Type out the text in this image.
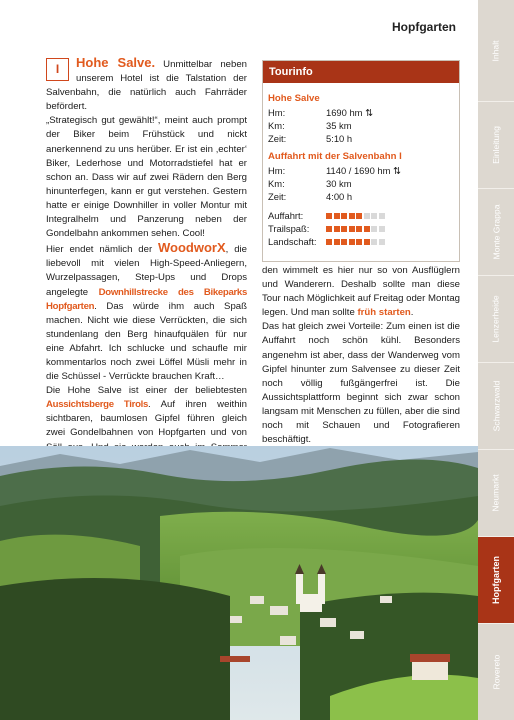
Hopfgarten

I	Hohe Salve. Unmittelbar neben unserem Hotel ist die Talstation der Salvenbahn, die natürlich auch Fahrräder befördert.

„Strategisch gut gewählt!“, meint auch prompt der Biker beim Frühstück und nickt anerkennend zu uns herüber. Er ist ein ‚echter‘ Biker, Lederhose und Motorradstiefel hat er schon an. Dass wir auf zwei Rädern den Berg hinunterfegen, kann er gut verstehen. Gestern hatte er einige Downhiller in voller Montur mit Integralhelm und Panzerung neben der Gondelbahn ankommen sehen. Cool!

Hier endet nämlich der WoodworX, die liebevoll mit vielen High-Speed-Anliegern, Wurzelpassagen, Step-Ups und Drops angelegte Downhillstrecke des Bikeparks Hopfgarten. Das würde ihm auch Spaß machen. Nicht wie diese Verrückten, die sich stundenlang den Berg hinaufquälen für nur eine Abfahrt. Ich schlucke und schaufle mir kommentarlos noch zwei Löffel Müsli mehr in die Schüssel - Verrückte brauchen Kraft…

Die Hohe Salve ist einer der beliebtesten Aussichtsberge Tirols. Auf ihren weithin sichtbaren, baumlosen Gipfel führen gleich zwei Gondelbahnen von Hopfgarten und von

Tourinfo
Hohe Salve
Hm:	1690 hm ⇅
Km:	35 km
Zeit:	5:10 h
Auffahrt mit der Salvenbahn I
Hm:	1140 / 1690 hm ⇅
Km:	30 km
Zeit:	4:00 h
Auffahrt:
Trailspaß:
Landschaft:

den wimmelt es hier nur so von Ausflüglern und Wanderern. Deshalb sollte man diese Tour nach Möglichkeit auf Freitag oder Montag legen. Und man sollte früh starten.

Das hat gleich zwei Vorteile: Zum einen ist die Auffahrt noch schön kühl. Besonders angenehm ist aber, dass der Wanderweg vom Gipfel hinunter zum Salvensee zu dieser Zeit noch völlig fußgängerfrei ist. Die Aussichtsplattform beginnt sich zwar schon langsam mit Menschen zu füllen, aber die sind noch mit Schauen und Fotografieren beschäftigt.

Inhalt
Einleitung
Monte Grappa
Lenzerheide
Schwarzwald
Neumarkt
Hopfgarten
Rovereto
